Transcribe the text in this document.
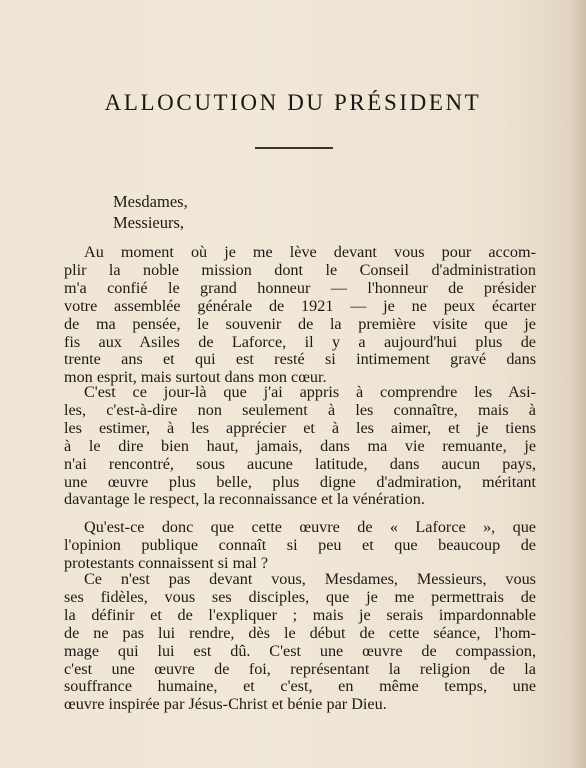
ALLOCUTION DU PRÉSIDENT
Mesdames,
Messieurs,
Au moment où je me lève devant vous pour accom-
plir la noble mission dont le Conseil d'administration
m'a confié le grand honneur — l'honneur de présider
votre assemblée générale de 1921 — je ne peux écarter
de ma pensée, le souvenir de la première visite que je
fis aux Asiles de Laforce, il y a aujourd'hui plus de
trente ans et qui est resté si intimement gravé dans
mon esprit, mais surtout dans mon cœur.
C'est ce jour-là que j'ai appris à comprendre les Asi-
les, c'est-à-dire non seulement à les connaître, mais à
les estimer, à les apprécier et à les aimer, et je tiens
à le dire bien haut, jamais, dans ma vie remuante, je
n'ai rencontré, sous aucune latitude, dans aucun pays,
une œuvre plus belle, plus digne d'admiration, méritant
davantage le respect, la reconnaissance et la vénération.
Qu'est-ce donc que cette œuvre de « Laforce », que
l'opinion publique connaît si peu et que beaucoup de
protestants connaissent si mal ?
Ce n'est pas devant vous, Mesdames, Messieurs, vous
ses fidèles, vous ses disciples, que je me permettrais de
la définir et de l'expliquer ; mais je serais impardonnable
de ne pas lui rendre, dès le début de cette séance, l'hom-
mage qui lui est dû. C'est une œuvre de compassion,
c'est une œuvre de foi, représentant la religion de la
souffrance humaine, et c'est, en même temps, une
œuvre inspirée par Jésus-Christ et bénie par Dieu.
